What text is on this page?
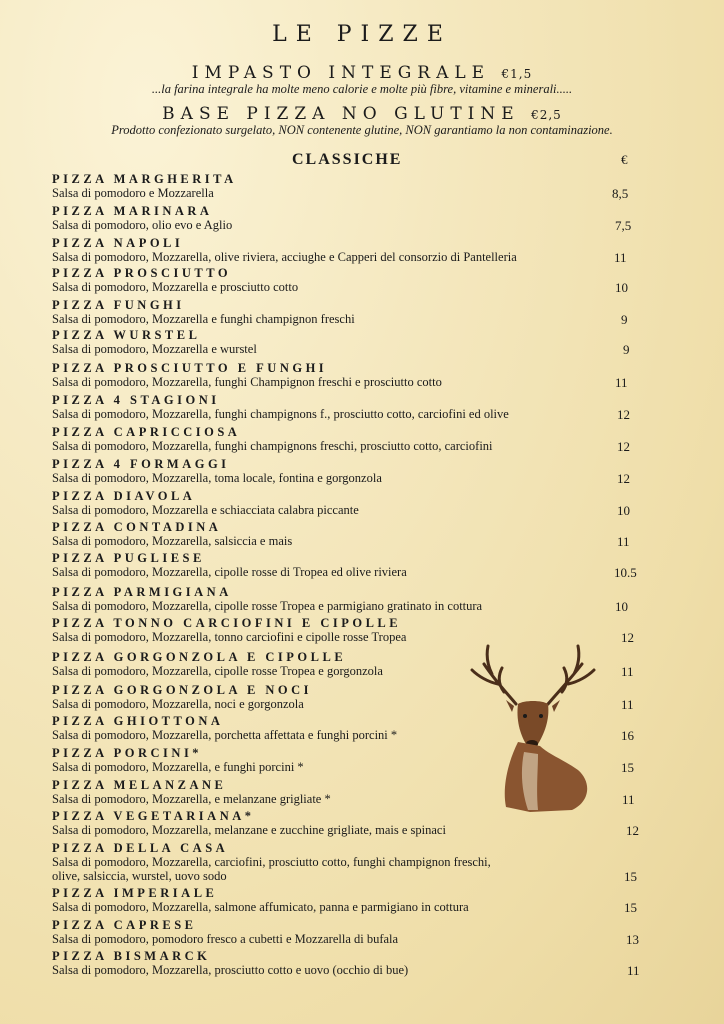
LE PIZZE
IMPASTO INTEGRALE €1,5
...la farina integrale ha molte meno calorie e molte più fibre, vitamine e minerali.....
BASE PIZZA NO GLUTINE €2,5
Prodotto confezionato surgelato, NON contenente glutine, NON garantiamo la non contaminazione.
CLASSICHE	€
PIZZA MARGHERITA
Salsa di pomodoro e Mozzarella	8,5
PIZZA MARINARA
Salsa di pomodoro, olio evo e Aglio	7,5
PIZZA NAPOLI
Salsa di pomodoro, Mozzarella, olive riviera, acciughe e Capperi del consorzio di Pantelleria	11
PIZZA PROSCIUTTO
Salsa di pomodoro, Mozzarella e prosciutto cotto	10
PIZZA FUNGHI
Salsa di pomodoro, Mozzarella e funghi champignon freschi	9
PIZZA WURSTEL
Salsa di pomodoro, Mozzarella e wurstel	9
PIZZA PROSCIUTTO E FUNGHI
Salsa di pomodoro, Mozzarella, funghi Champignon freschi e prosciutto cotto	11
PIZZA 4 STAGIONI
Salsa di pomodoro, Mozzarella, funghi champignons f., prosciutto cotto, carciofini ed olive	12
PIZZA CAPRICCIOSA
Salsa di pomodoro, Mozzarella, funghi champignons freschi, prosciutto cotto, carciofini	12
PIZZA 4 FORMAGGI
Salsa di pomodoro, Mozzarella, toma locale, fontina e gorgonzola	12
PIZZA DIAVOLA
Salsa di pomodoro, Mozzarella e schiacciata calabra piccante	10
PIZZA CONTADINA
Salsa di pomodoro, Mozzarella, salsiccia e mais	11
PIZZA PUGLIESE
Salsa di pomodoro, Mozzarella, cipolle rosse di Tropea ed olive riviera	10.5
PIZZA PARMIGIANA
Salsa di pomodoro, Mozzarella, cipolle rosse Tropea e parmigiano gratinato in cottura	10
PIZZA TONNO CARCIOFINI E CIPOLLE
Salsa di pomodoro, Mozzarella, tonno carciofini e cipolle rosse Tropea	12
PIZZA GORGONZOLA E CIPOLLE
Salsa di pomodoro, Mozzarella, cipolle rosse Tropea e gorgonzola	11
PIZZA GORGONZOLA E NOCI
Salsa di pomodoro, Mozzarella, noci e gorgonzola	11
PIZZA GHIOTTONA
Salsa di pomodoro, Mozzarella, porchetta affettata e funghi porcini *	16
PIZZA PORCINI*
Salsa di pomodoro, Mozzarella, e funghi porcini *	15
PIZZA MELANZANE
Salsa di pomodoro, Mozzarella, e melanzane grigliate *	11
PIZZA VEGETARIANA*
Salsa di pomodoro, Mozzarella, melanzane e zucchine grigliate, mais e spinaci	12
PIZZA DELLA CASA
Salsa di pomodoro, Mozzarella, carciofini, prosciutto cotto, funghi champignon freschi,
olive, salsiccia, wurstel, uovo sodo	15
PIZZA IMPERIALE
Salsa di pomodoro, Mozzarella, salmone affumicato, panna e parmigiano in cottura	15
PIZZA CAPRESE
Salsa di pomodoro, pomodoro fresco a cubetti e Mozzarella di bufala	13
PIZZA BISMARCK
Salsa di pomodoro, Mozzarella, prosciutto cotto e uovo (occhio di bue)	11
